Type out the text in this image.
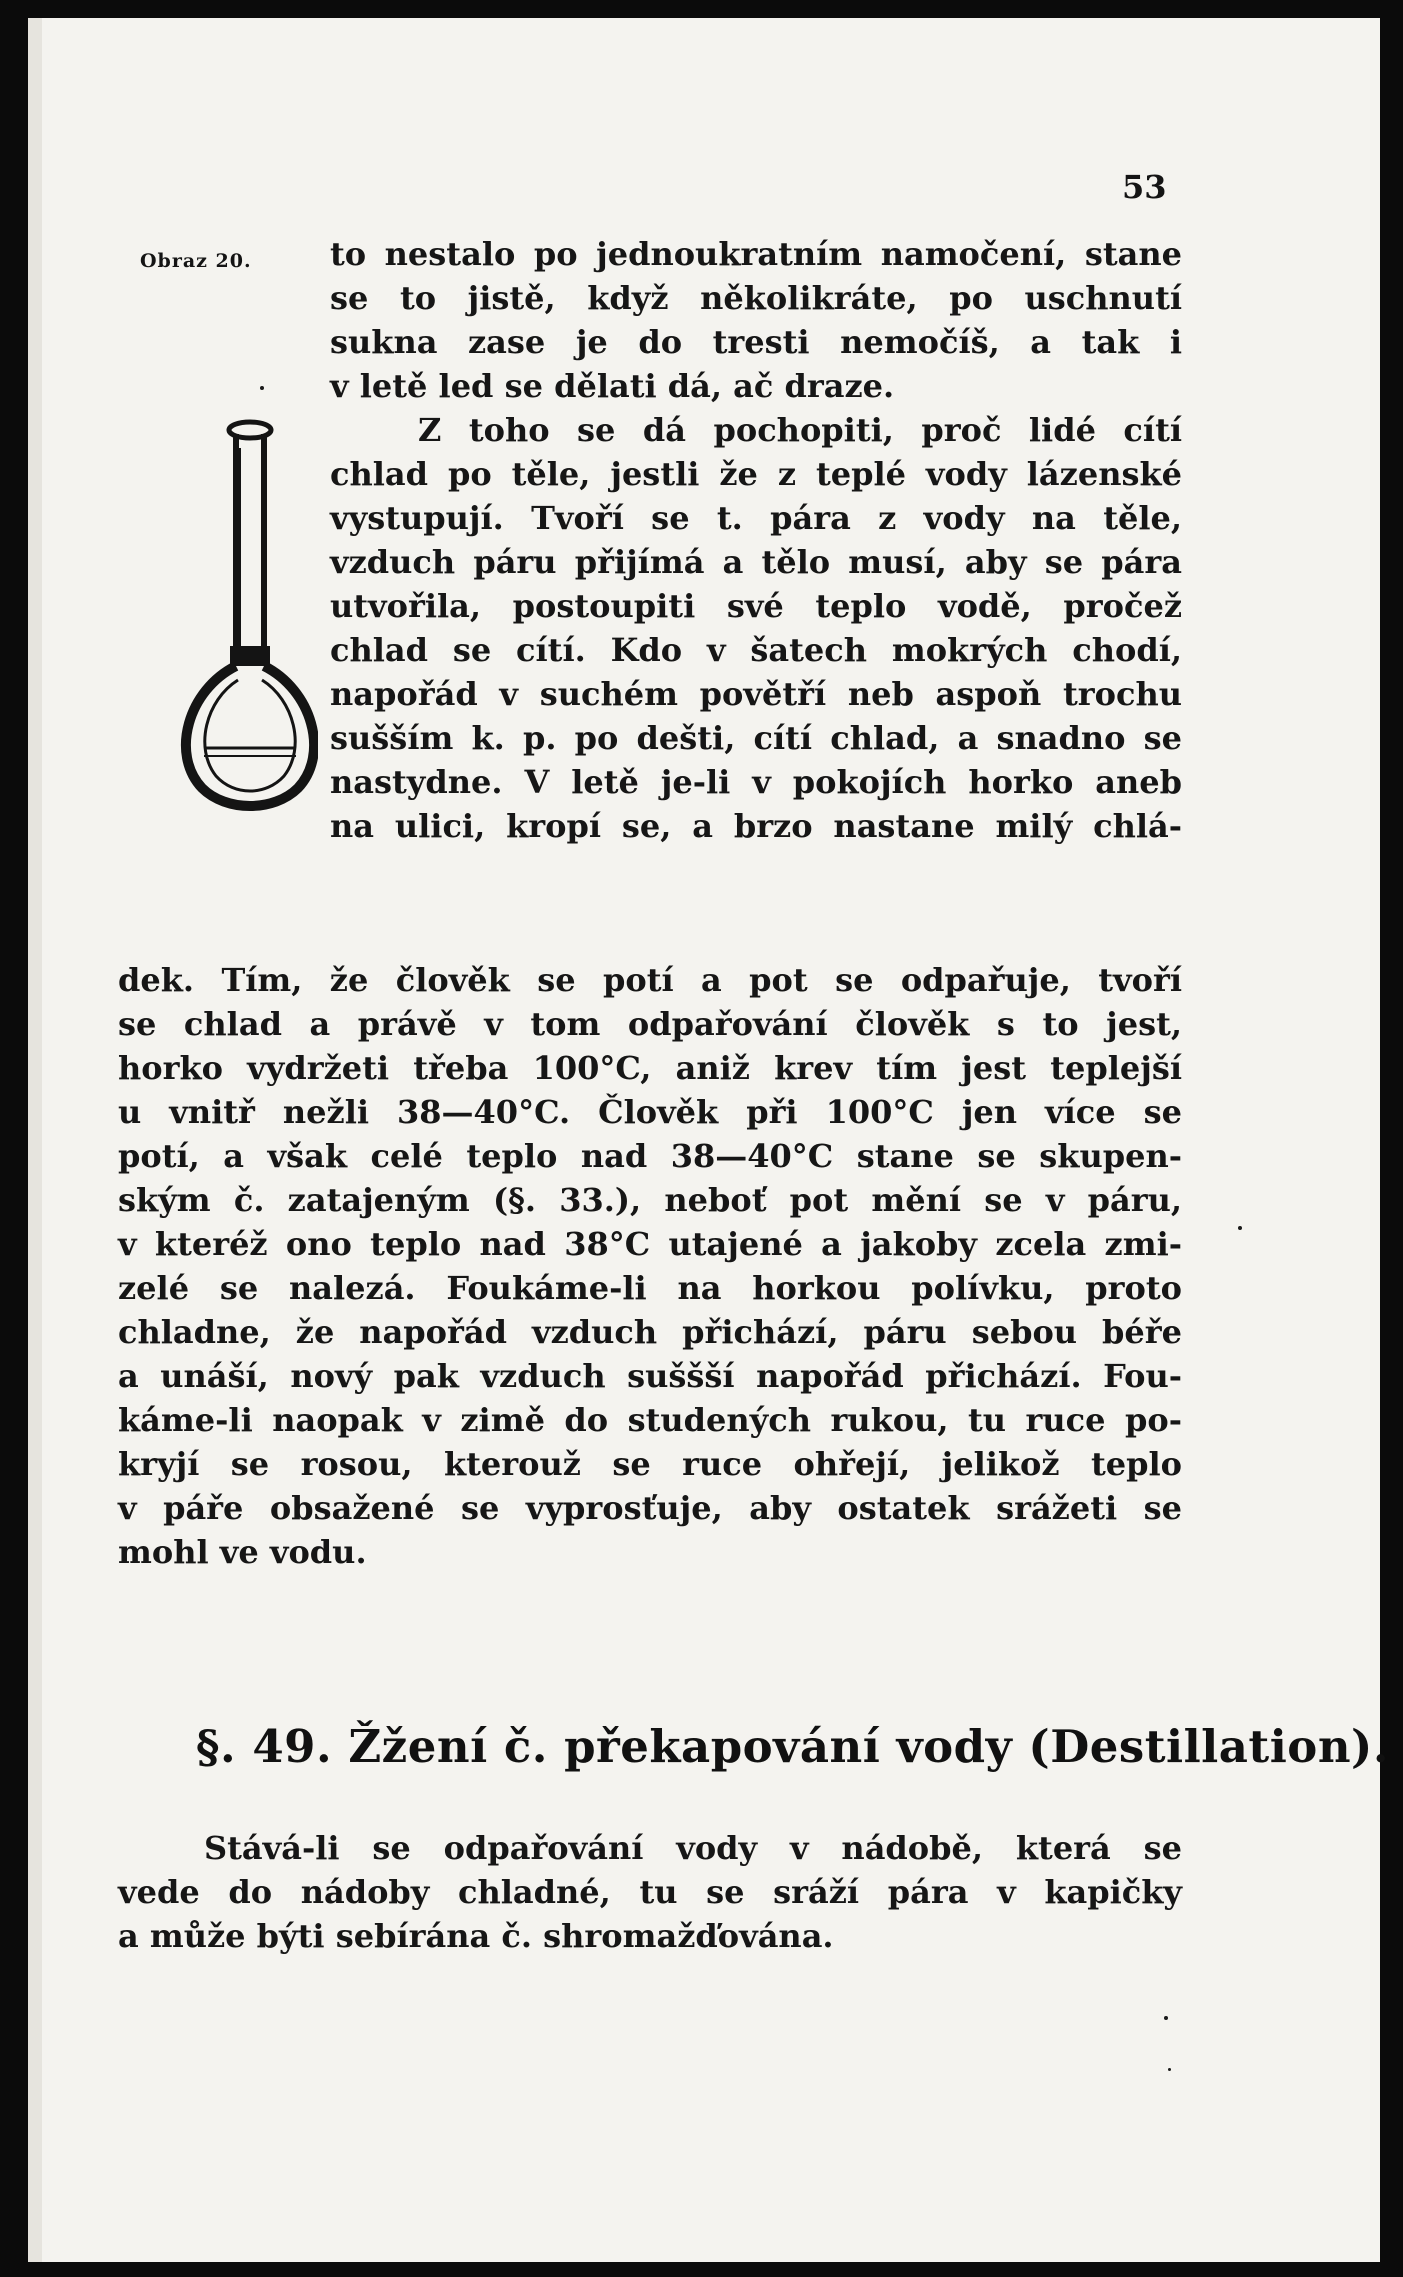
53
Obraz 20. to nestalo po jednoukratním namočení, stane
se to jistě, když několikráte, po uschnutí
sukna zase je do tresti nemočíš, a tak i
v letě led se dělati dá, ač draze.
Z toho se dá pochopiti, proč lidé cítí
chlad po těle, jestli že z teplé vody lázenské
vystupují. Tvoří se t. pára z vody na těle,
vzduch páru přijímá a tělo musí, aby se pára
utvořila, postoupiti své teplo vodě, pročež
chlad se cítí. Kdo v šatech mokrých chodí,
napořád v suchém povětří neb aspoň trochu
sušším k. p. po dešti, cítí chlad, a snadno se
nastydne. V letě je-li v pokojích horko aneb
na ulici, kropí se, a brzo nastane milý chlá-
dek. Tím, že člověk se potí a pot se odpařuje, tvoří
se chlad a právě v tom odpařování člověk s to jest,
horko vydržeti třeba 100°C, aniž krev tím jest teplejší
u vnitř nežli 38—40°C. Člověk při 100°C jen více se
potí, a však celé teplo nad 38—40°C stane se skupen-
ským č. zatajeným (§. 33.), neboť pot mění se v páru,
v kteréž ono teplo nad 38°C utajené a jakoby zcela zmi-
zelé se nalezá. Foukáme-li na horkou polívku, proto
chladne, že napořád vzduch přichází, páru sebou béře
a unáší, nový pak vzduch suššší napořád přichází. Fou-
káme-li naopak v zimě do studených rukou, tu ruce po-
kryjí se rosou, kterouž se ruce ohřejí, jelikož teplo
v páře obsažené se vyprosťuje, aby ostatek srážeti se
mohl ve vodu.
§. 49. Žžení č. překapování vody (Destillation).
Stává-li se odpařování vody v nádobě, která se
vede do nádoby chladné, tu se sráží pára v kapičky
a může býti sebírána č. shromažďována.
